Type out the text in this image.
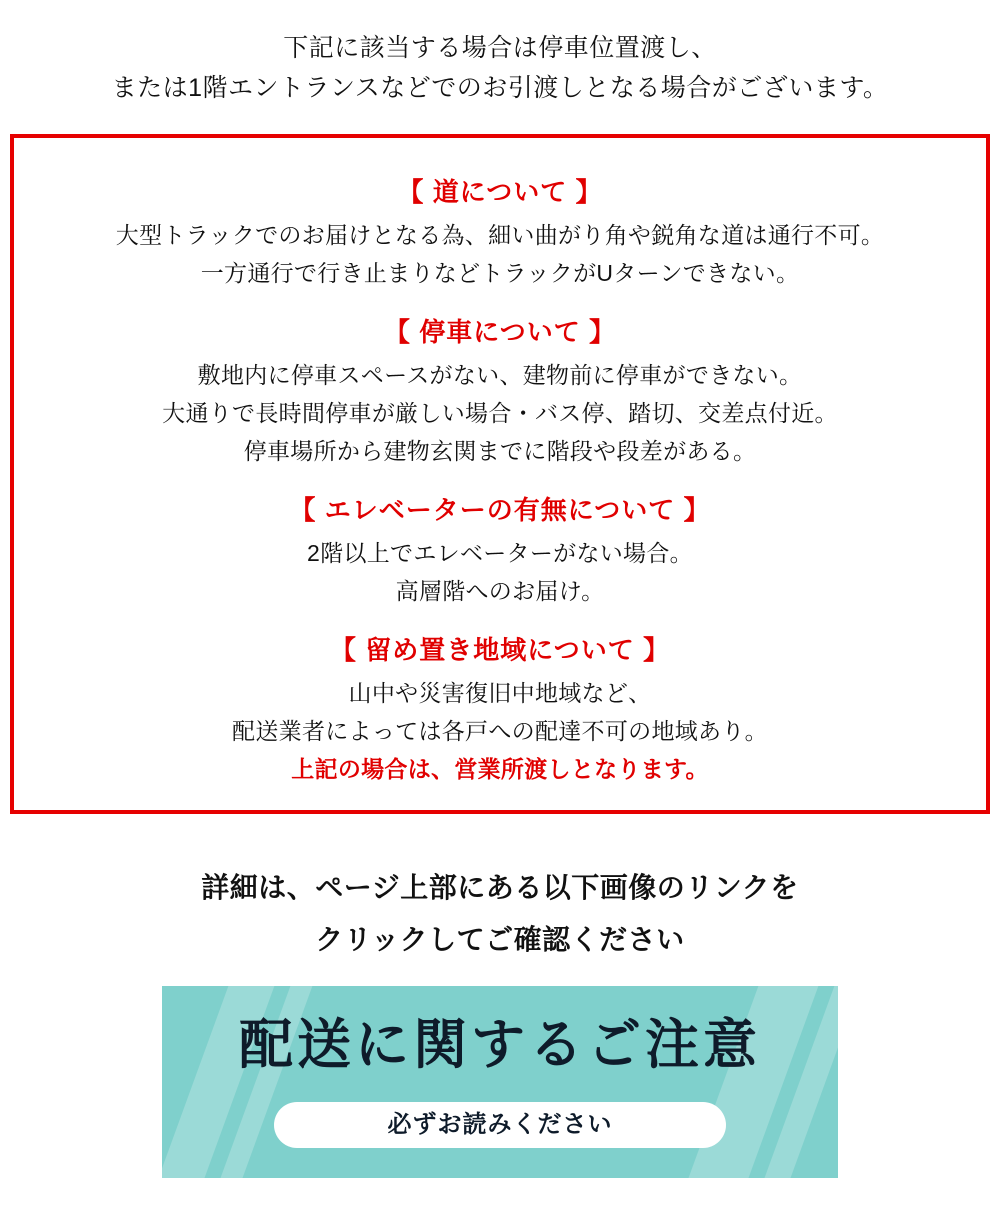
下記に該当する場合は停車位置渡し、
または1階エントランスなどでのお引渡しとなる場合がございます。
【 道について 】
大型トラックでのお届けとなる為、細い曲がり角や鋭角な道は通行不可。
一方通行で行き止まりなどトラックがUターンできない。
【 停車について 】
敷地内に停車スペースがない、建物前に停車ができない。
大通りで長時間停車が厳しい場合・バス停、踏切、交差点付近。
停車場所から建物玄関までに階段や段差がある。
【 エレベーターの有無について 】
2階以上でエレベーターがない場合。
高層階へのお届け。
【 留め置き地域について 】
山中や災害復旧中地域など、
配送業者によっては各戸への配達不可の地域あり。
上記の場合は、営業所渡しとなります。
詳細は、ページ上部にある以下画像のリンクを
クリックしてご確認ください
配送に関するご注意
必ずお読みください
